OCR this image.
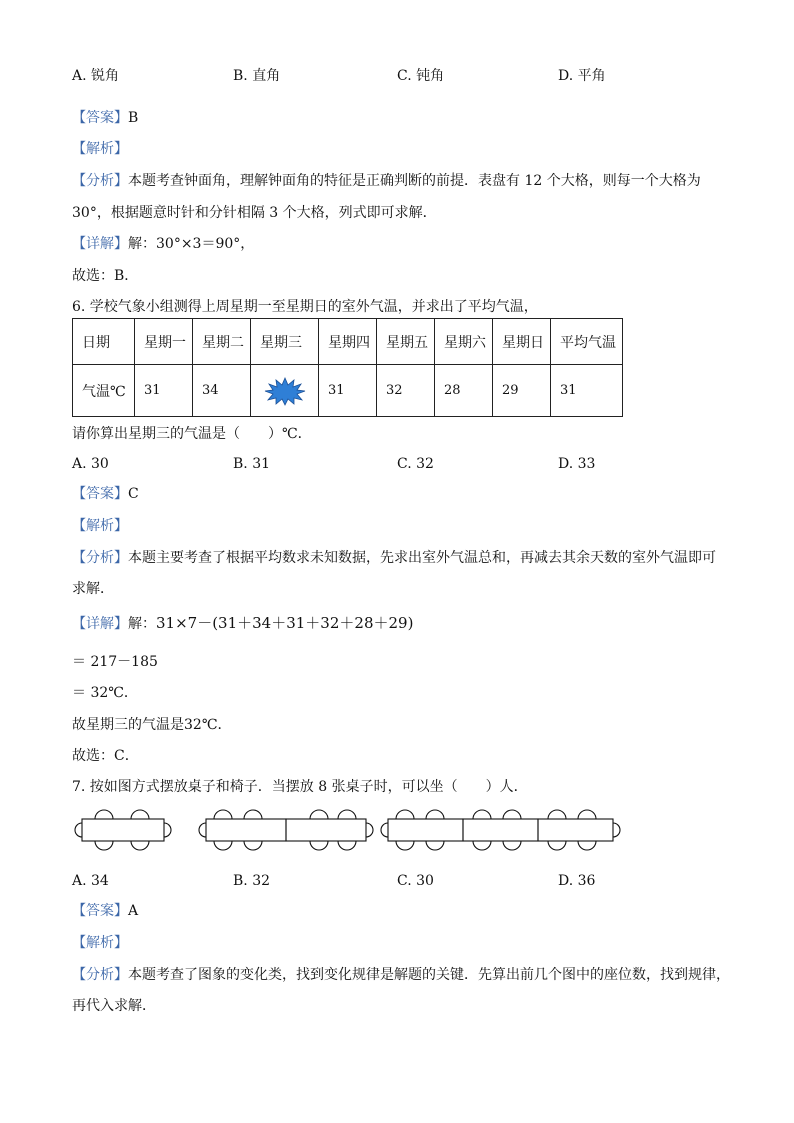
A. 锐角	B. 直角	C. 钝角	D. 平角
【答案】B
【解析】
【分析】本题考查钟面角，理解钟面角的特征是正确判断的前提．表盘有 12 个大格，则每一个大格为
30°，根据题意时针和分针相隔 3 个大格，列式即可求解．
【详解】解：30°×3＝90°，
故选：B．
6. 学校气象小组测得上周星期一至星期日的室外气温，并求出了平均气温，
日期	星期一	星期二	星期三	星期四	星期五	星期六	星期日	平均气温
气温℃	31	34		31	32	28	29	31
请你算出星期三的气温是（　　）℃．
A. 30	B. 31	C. 32	D. 33
【答案】C
【解析】
【分析】本题主要考查了根据平均数求未知数据，先求出室外气温总和，再减去其余天数的室外气温即可
求解．
【详解】解：31×7－(31＋34＋31＋32＋28＋29)
＝ 217－185
＝ 32℃．
故星期三的气温是32℃．
故选：C．
7. 按如图方式摆放桌子和椅子．当摆放 8 张桌子时，可以坐（　　）人．
A. 34	B. 32	C. 30	D. 36
【答案】A
【解析】
【分析】本题考查了图象的变化类，找到变化规律是解题的关键．先算出前几个图中的座位数，找到规律，
再代入求解．
